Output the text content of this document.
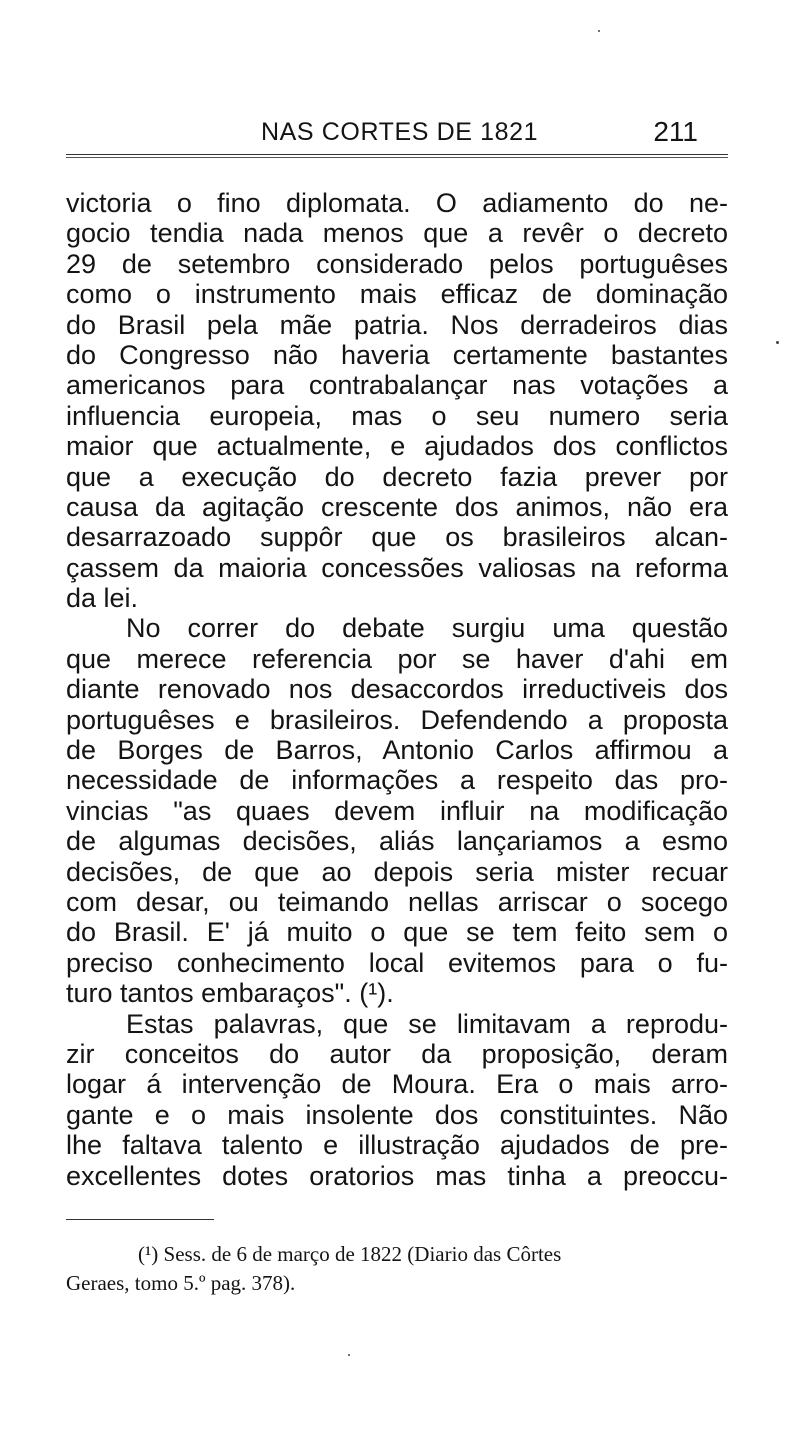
NAS CORTES DE 1821	211
victoria o fino diplomata. O adiamento do ne-
gocio tendia nada menos que a revêr o decreto
29 de setembro considerado pelos portuguêses
como o instrumento mais efficaz de dominação
do Brasil pela mãe patria. Nos derradeiros dias
do Congresso não haveria certamente bastantes
americanos para contrabalançar nas votações a
influencia europeia, mas o seu numero seria
maior que actualmente, e ajudados dos conflictos
que a execução do decreto fazia prever por
causa da agitação crescente dos animos, não era
desarrazoado suppôr que os brasileiros alcan-
çassem da maioria concessões valiosas na reforma
da lei.
No correr do debate surgiu uma questão
que merece referencia por se haver d'ahi em
diante renovado nos desaccordos irreductiveis dos
portuguêses e brasileiros. Defendendo a proposta
de Borges de Barros, Antonio Carlos affirmou a
necessidade de informações a respeito das pro-
vincias "as quaes devem influir na modificação
de algumas decisões, aliás lançariamos a esmo
decisões, de que ao depois seria mister recuar
com desar, ou teimando nellas arriscar o socego
do Brasil. E' já muito o que se tem feito sem o
preciso conhecimento local evitemos para o fu-
turo tantos embaraços". (¹).
Estas palavras, que se limitavam a reprodu-
zir conceitos do autor da proposição, deram
logar á intervenção de Moura. Era o mais arro-
gante e o mais insolente dos constituintes. Não
lhe faltava talento e illustração ajudados de pre-
excellentes dotes oratorios mas tinha a preoccu-
(¹) Sess. de 6 de março de 1822 (Diario das Côrtes
Geraes, tomo 5.º pag. 378).
